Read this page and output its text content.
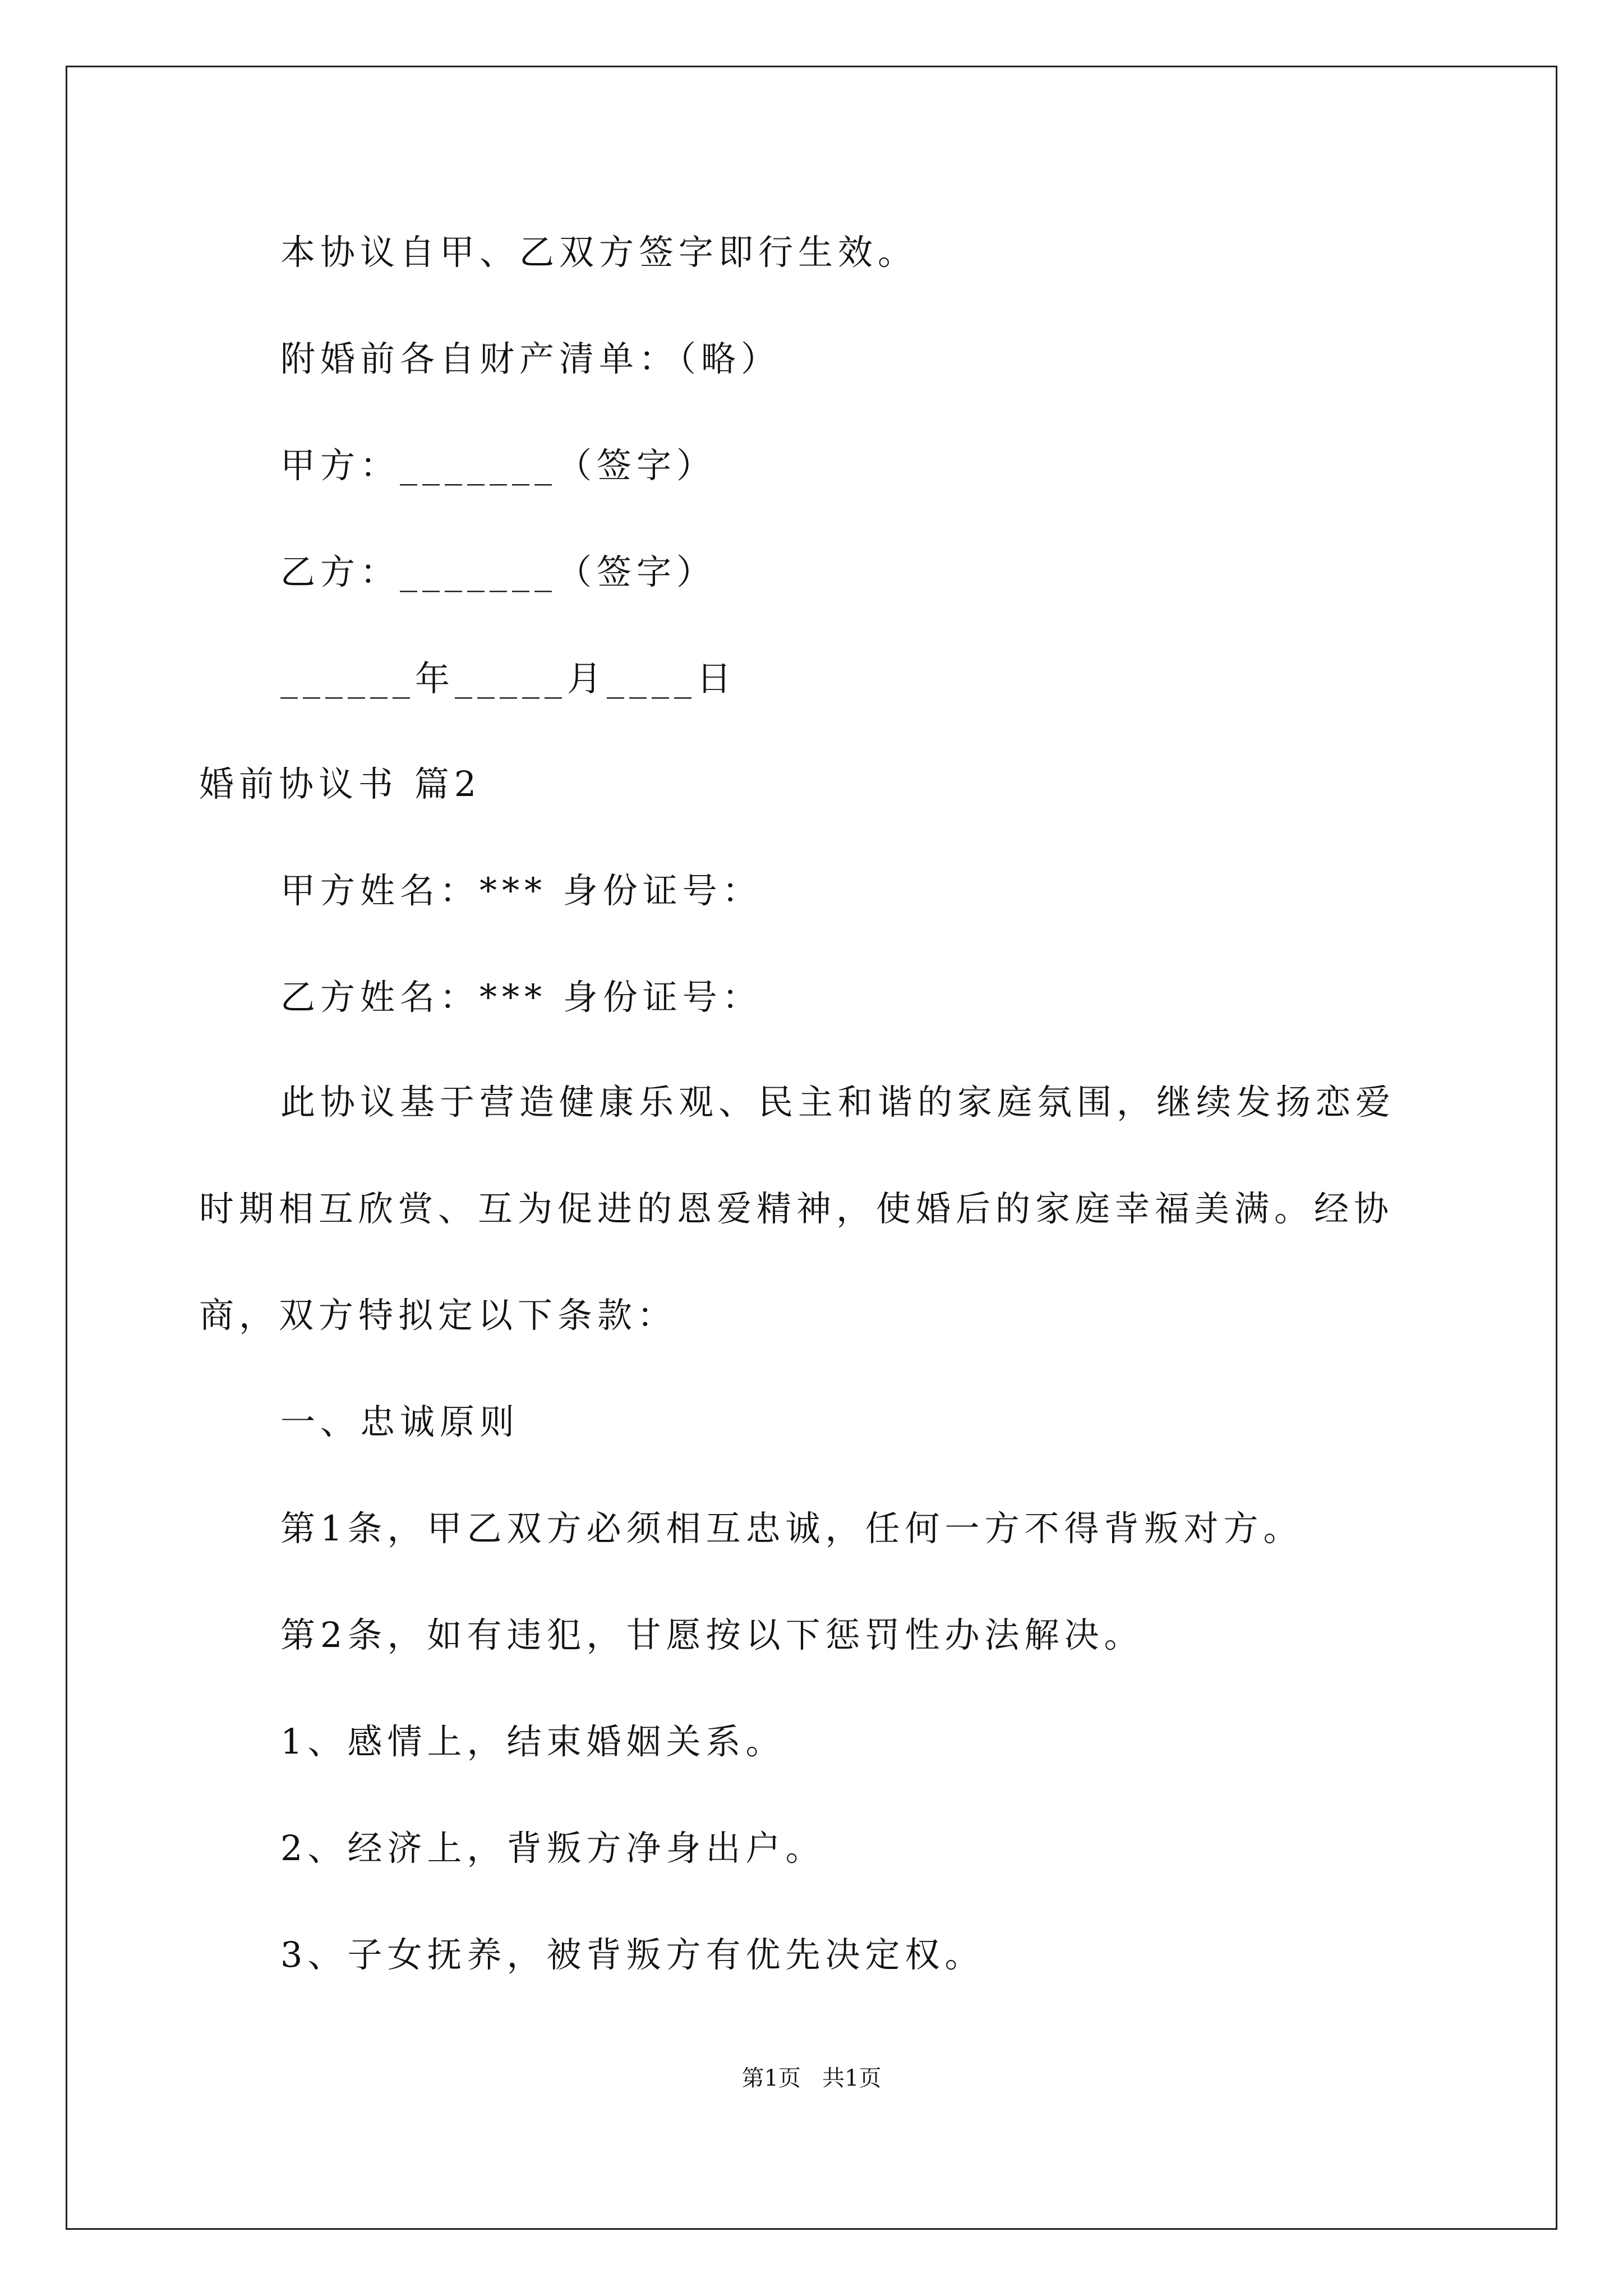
本协议自甲、乙双方签字即行生效。
附婚前各自财产清单：（略）
甲方：_______（签字）
乙方：_______（签字）
______年_____月____日
婚前协议书 篇2
甲方姓名：*** 身份证号：
乙方姓名：*** 身份证号：
此协议基于营造健康乐观、民主和谐的家庭氛围，继续发扬恋爱
时期相互欣赏、互为促进的恩爱精神，使婚后的家庭幸福美满。经协
商，双方特拟定以下条款：
一、忠诚原则
第1条，甲乙双方必须相互忠诚，任何一方不得背叛对方。
第2条，如有违犯，甘愿按以下惩罚性办法解决。
1、感情上，结束婚姻关系。
2、经济上，背叛方净身出户。
3、子女抚养，被背叛方有优先决定权。
第1页   共1页
